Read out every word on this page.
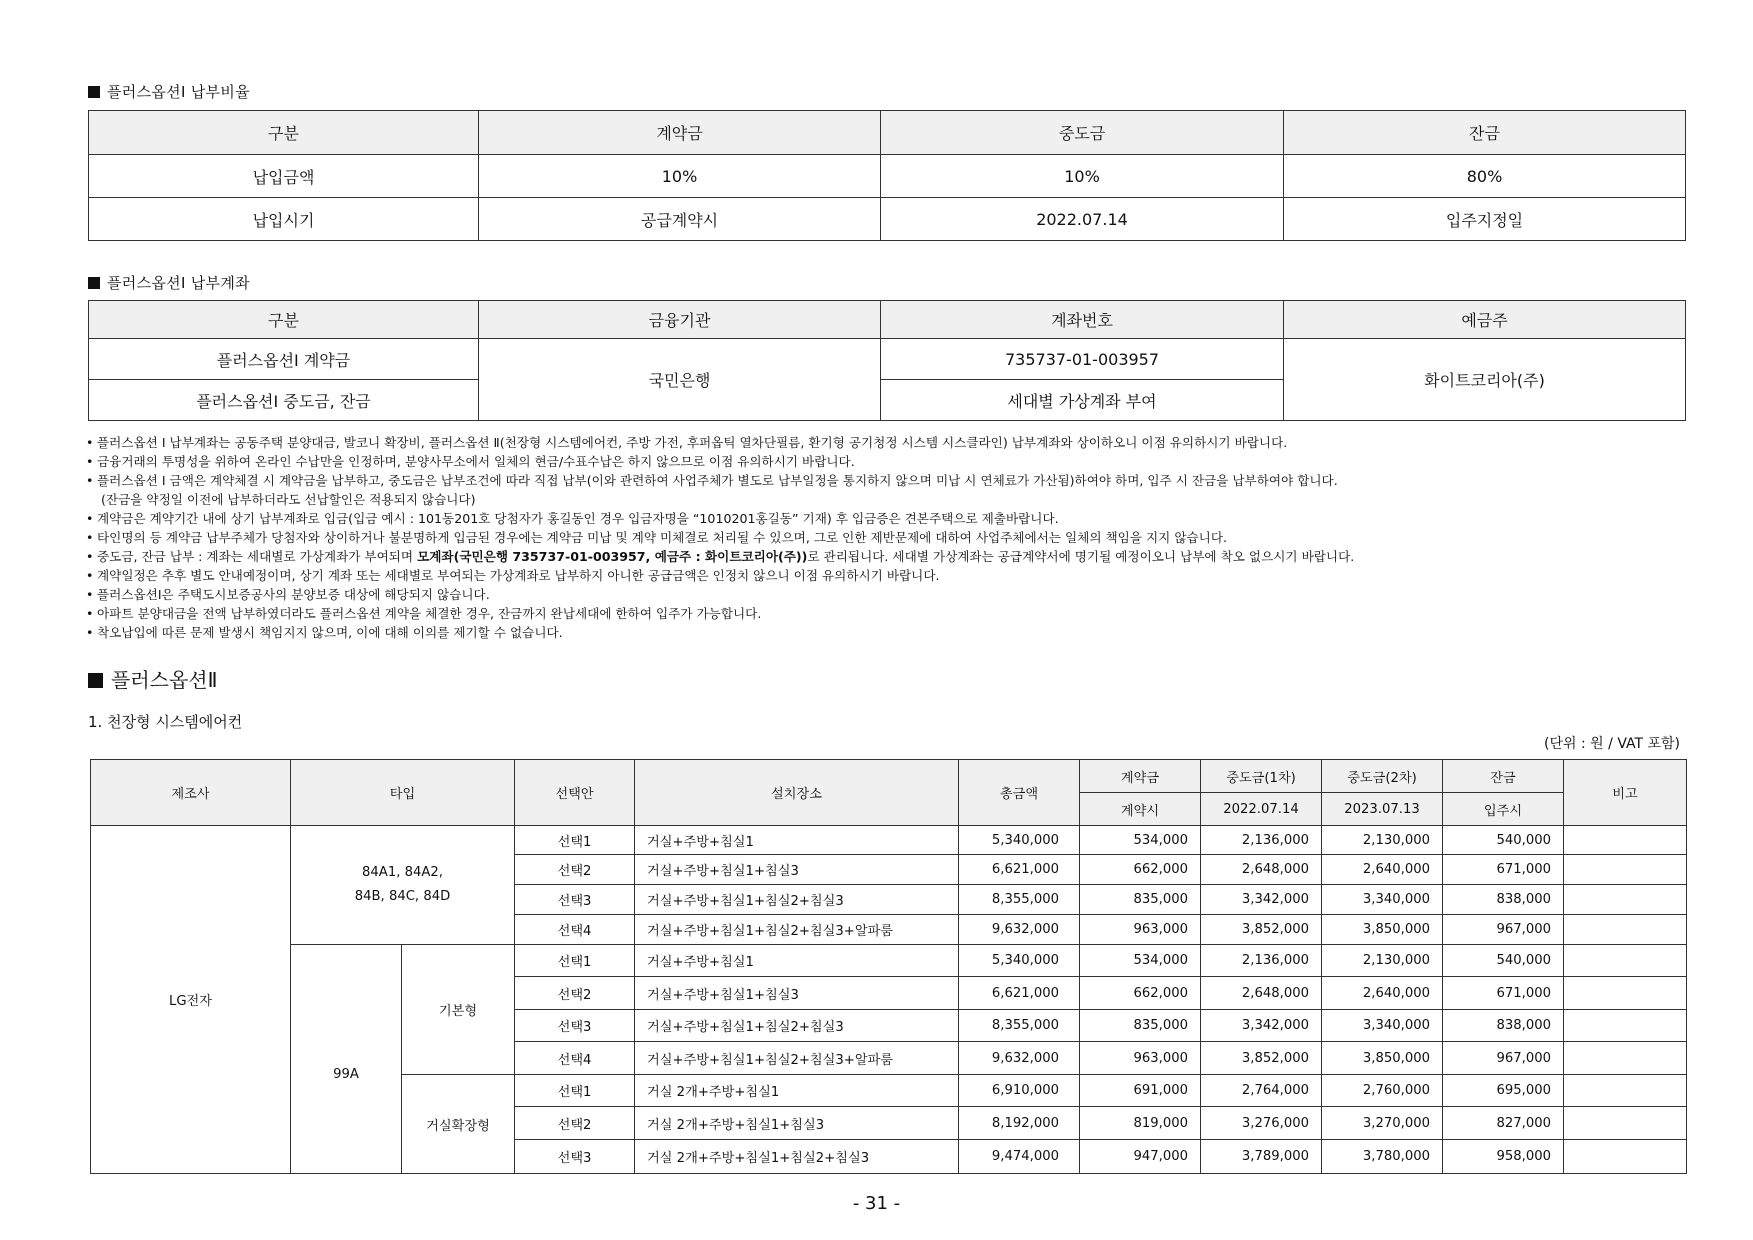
플러스옵션Ⅰ 납부비율
구분	계약금	중도금	잔금
납입금액	10%	10%	80%
납입시기	공급계약시	2022.07.14	입주지정일
플러스옵션Ⅰ 납부계좌
구분	금융기관	계좌번호	예금주
플러스옵션Ⅰ 계약금	국민은행	735737-01-003957	화이트코리아(주)
플러스옵션Ⅰ 중도금, 잔금		세대별 가상계좌 부여	
• 플러스옵션 Ⅰ 납부계좌는 공동주택 분양대금, 발코니 확장비, 플러스옵션 Ⅱ(천장형 시스템에어컨, 주방 가전, 후퍼옵틱 열차단필름, 환기형 공기청정 시스템 시스클라인) 납부계좌와 상이하오니 이점 유의하시기 바랍니다.
• 금융거래의 투명성을 위하여 온라인 수납만을 인정하며, 분양사무소에서 일체의 현금/수표수납은 하지 않으므로 이점 유의하시기 바랍니다.
• 플러스옵션 Ⅰ 금액은 계약체결 시 계약금을 납부하고, 중도금은 납부조건에 따라 직접 납부(이와 관련하여 사업주체가 별도로 납부일정을 통지하지 않으며 미납 시 연체료가 가산됨)하여야 하며, 입주 시 잔금을 납부하여야 합니다.
(잔금을 약정일 이전에 납부하더라도 선납할인은 적용되지 않습니다)
• 계약금은 계약기간 내에 상기 납부계좌로 입금(입금 예시 : 101동201호 당첨자가 홍길동인 경우 입금자명을 “1010201홍길동” 기재) 후 입금증은 견본주택으로 제출바랍니다.
• 타인명의 등 계약금 납부주체가 당첨자와 상이하거나 불분명하게 입금된 경우에는 계약금 미납 및 계약 미체결로 처리될 수 있으며, 그로 인한 제반문제에 대하여 사업주체에서는 일체의 책임을 지지 않습니다.
• 중도금, 잔금 납부 : 계좌는 세대별로 가상계좌가 부여되며 모계좌(국민은행 735737-01-003957, 예금주 : 화이트코리아(주))로 관리됩니다. 세대별 가상계좌는 공급계약서에 명기될 예정이오니 납부에 착오 없으시기 바랍니다.
• 계약일정은 추후 별도 안내예정이며, 상기 계좌 또는 세대별로 부여되는 가상계좌로 납부하지 아니한 공급금액은 인정치 않으니 이점 유의하시기 바랍니다.
• 플러스옵션Ⅰ은 주택도시보증공사의 분양보증 대상에 해당되지 않습니다.
• 아파트 분양대금을 전액 납부하였더라도 플러스옵션 계약을 체결한 경우, 잔금까지 완납세대에 한하여 입주가 가능합니다.
• 착오납입에 따른 문제 발생시 책임지지 않으며, 이에 대해 이의를 제기할 수 없습니다.
플러스옵션Ⅱ
1. 천장형 시스템에어컨
(단위 : 원 / VAT 포함)
제조사	타입		선택안	설치장소	총금액	계약금	중도금(1차)	중도금(2차)	잔금	비고
						계약시	2022.07.14	2023.07.13	입주시	
LG전자	84A1, 84A2,
84B, 84C, 84D		선택1	거실+주방+침실1	5,340,000	534,000	2,136,000	2,130,000	540,000	
			선택2	거실+주방+침실1+침실3	6,621,000	662,000	2,648,000	2,640,000	671,000	
			선택3	거실+주방+침실1+침실2+침실3	8,355,000	835,000	3,342,000	3,340,000	838,000	
			선택4	거실+주방+침실1+침실2+침실3+알파룸	9,632,000	963,000	3,852,000	3,850,000	967,000	
	99A	기본형	선택1	거실+주방+침실1	5,340,000	534,000	2,136,000	2,130,000	540,000	
			선택2	거실+주방+침실1+침실3	6,621,000	662,000	2,648,000	2,640,000	671,000	
			선택3	거실+주방+침실1+침실2+침실3	8,355,000	835,000	3,342,000	3,340,000	838,000	
			선택4	거실+주방+침실1+침실2+침실3+알파룸	9,632,000	963,000	3,852,000	3,850,000	967,000	
		거실확장형	선택1	거실 2개+주방+침실1	6,910,000	691,000	2,764,000	2,760,000	695,000	
			선택2	거실 2개+주방+침실1+침실3	8,192,000	819,000	3,276,000	3,270,000	827,000	
			선택3	거실 2개+주방+침실1+침실2+침실3	9,474,000	947,000	3,789,000	3,780,000	958,000	
- 31 -
